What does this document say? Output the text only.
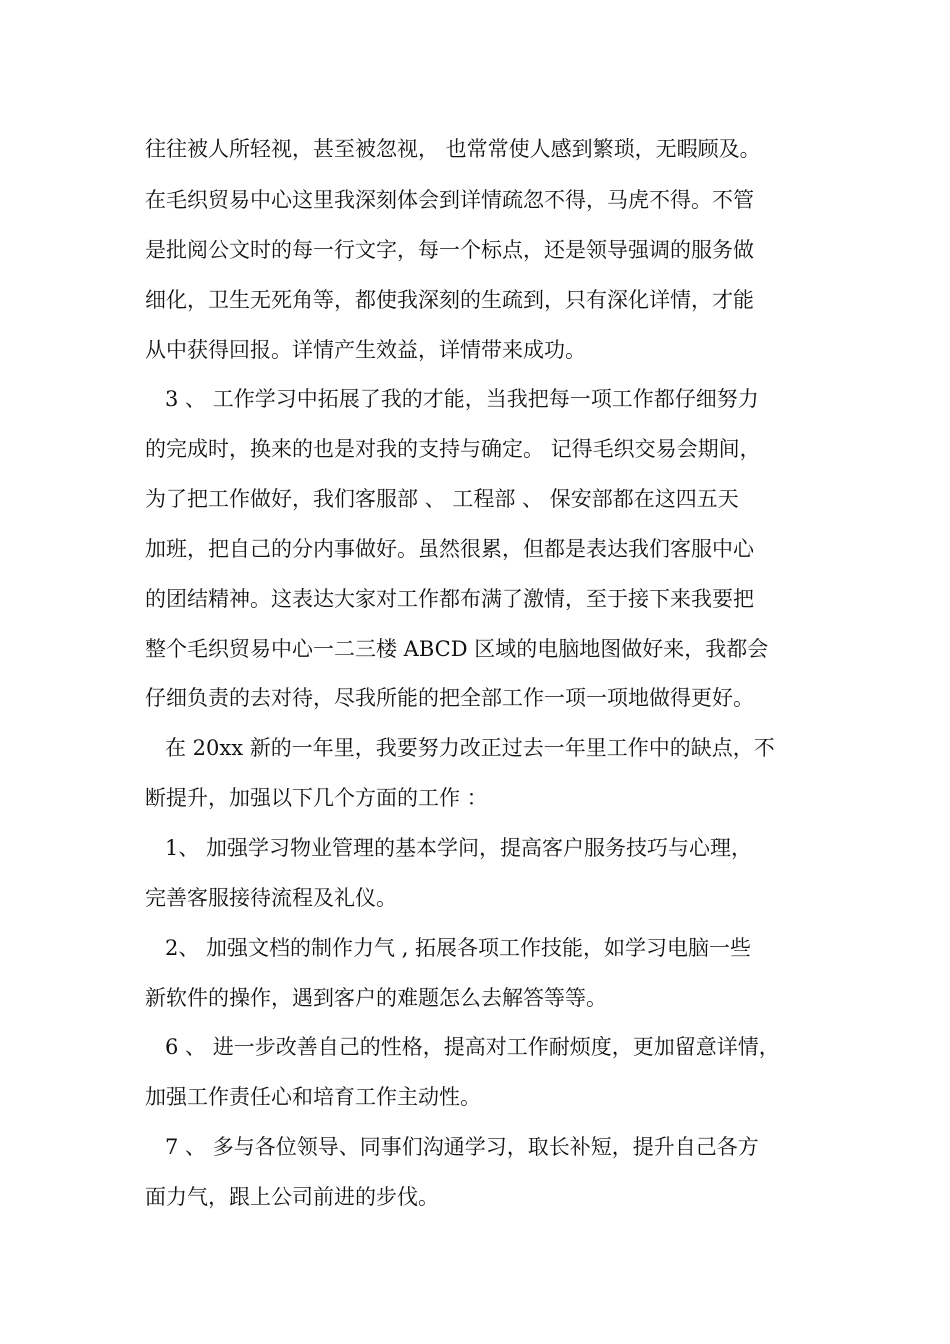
往往被人所轻视，甚至被忽视， 也常常使人感到繁琐，无暇顾及。
在毛织贸易中心这里我深刻体会到详情疏忽不得，马虎不得。不管
是批阅公文时的每一行文字，每一个标点，还是领导强调的服务做
细化，卫生无死角等，都使我深刻的生疏到，只有深化详情，才能
从中获得回报。详情产生效益，详情带来成功。
3 、 工作学习中拓展了我的才能，当我把每一项工作都仔细努力
的完成时，换来的也是对我的支持与确定。 记得毛织交易会期间，
为了把工作做好，我们客服部 、 工程部 、 保安部都在这四五天
加班，把自己的分内事做好。虽然很累，但都是表达我们客服中心
的团结精神。这表达大家对工作都布满了激情，至于接下来我要把
整个毛织贸易中心一二三楼 ABCD 区域的电脑地图做好来，我都会
仔细负责的去对待，尽我所能的把全部工作一项一项地做得更好。
在 20xx 新的一年里，我要努力改正过去一年里工作中的缺点，不
断提升，加强以下几个方面的工作 ：
1、 加强学习物业管理的基本学问，提高客户服务技巧与心理，
完善客服接待流程及礼仪。
2、 加强文档的制作力气 , 拓展各项工作技能，如学习电脑一些
新软件的操作，遇到客户的难题怎么去解答等等。
6 、 进一步改善自己的性格，提高对工作耐烦度，更加留意详情，
加强工作责任心和培育工作主动性。
7 、 多与各位领导、同事们沟通学习，取长补短，提升自己各方
面力气，跟上公司前进的步伐。
